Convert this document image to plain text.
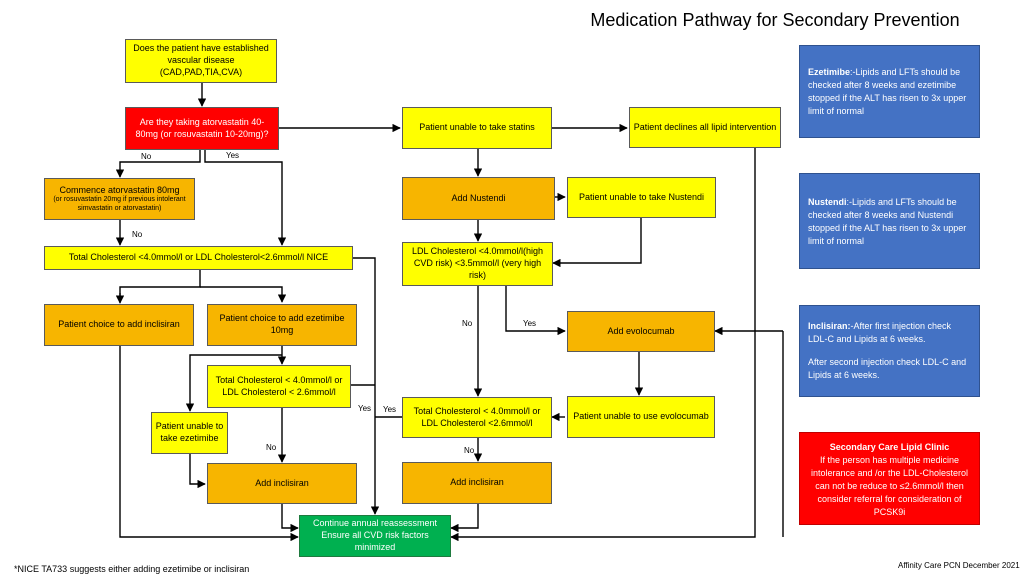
Medication Pathway for Secondary Prevention
Does the patient have established vascular disease (CAD,PAD,TIA,CVA)
Are they taking atorvastatin 40-80mg (or rosuvastatin 10-20mg)?
Patient unable to take statins	Patient declines all lipid intervention
Commence atorvastatin 80mg
(or rosuvastatin 20mg if previous intolerant simvastatin or atorvastatin)
Add Nustendi	Patient unable to take Nustendi
Total Cholesterol <4.0mmol/l or LDL Cholesterol<2.6mmol/l NICE
LDL Cholesterol <4.0mmol/l(high CVD risk) <3.5mmol/l (very high risk)
Patient choice to add inclisiran
Patient choice to add ezetimibe 10mg	Add evolocumab
Total Cholesterol < 4.0mmol/l or LDL Cholesterol < 2.6mmol/l
Total Cholesterol < 4.0mmol/l or LDL Cholesterol <2.6mmol/l
Patient unable to use evolocumab
Patient unable to take ezetimibe
Add inclisiran	Add inclisiran
Continue annual reassessment Ensure all CVD risk factors minimized
No	Yes
No
No	Yes
Yes Yes
No	No
Ezetimibe:-Lipids and LFTs should be checked after 8 weeks and ezetimibe stopped if the ALT has risen to 3x upper limit of normal
Nustendi:-Lipids and LFTs should be checked after 8 weeks and Nustendi stopped if the ALT has risen to 3x upper limit of normal
Inclisiran:-After first injection check LDL-C and Lipids at 6 weeks.
After second injection check LDL-C and Lipids at 6 weeks.
Secondary Care Lipid Clinic
If the person has multiple medicine intolerance and /or the LDL-Cholesterol can not be reduce to ≤2.6mmol/l then consider referral for consideration of PCSK9i
*NICE TA733 suggests either adding ezetimibe or inclisiran	Affinity Care PCN December 2021
